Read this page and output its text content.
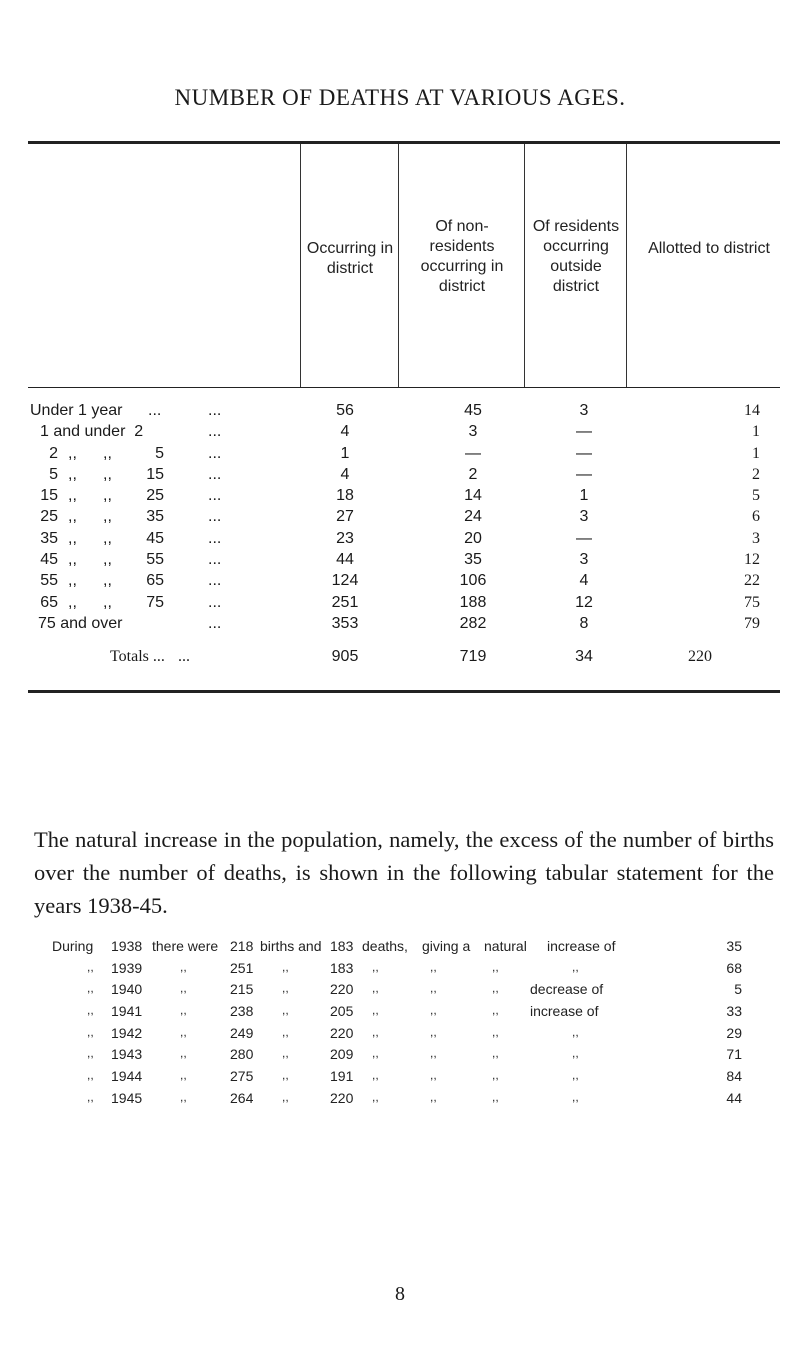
NUMBER OF DEATHS AT VARIOUS AGES.
Occurring in district
Of non-residents occurring in district
Of residents occurring outside district
Allotted to district
Under 1 year ...	...	56	45	3	14
1 and under  2	...	4	3	—	1
2 ,, ,,	5	...	1	—	—	1
5 ,, ,,	15	...	4	2	—	2
15 ,, ,,	25	...	18	14	1	5
25 ,, ,,	35	...	27	24	3	6
35 ,, ,,	45	...	23	20	—	3
45 ,, ,,	55	...	44	35	3	12
55 ,, ,,	65	...	124	106	4	22
65 ,, ,,	75	...	251	188	12	75
75 and over	...	353	282	8	79
Totals ... ...	905	719	34	220
The natural increase in the population, namely, the excess of the number of births over the number of deaths, is shown in the following tabular statement for the years 1938-45.
During 1938 there were 218 births and 183 deaths, giving a natural increase of	35
,, 1939	,,	251 ,,	183 ,,	,,	,,	,,	68
,, 1940	,,	215 ,,	220 ,,	,,	,, decrease of	5
,, 1941	,,	238 ,,	205 ,,	,,	,, increase of	33
,, 1942	,,	249 ,,	220 ,,	,,	,,	,,	29
,, 1943	,,	280 ,,	209 ,,	,,	,,	,,	71
,, 1944	,,	275 ,,	191 ,,	,,	,,	,,	84
,, 1945	,,	264 ,,	220 ,,	,,	,,	,,	44
8
